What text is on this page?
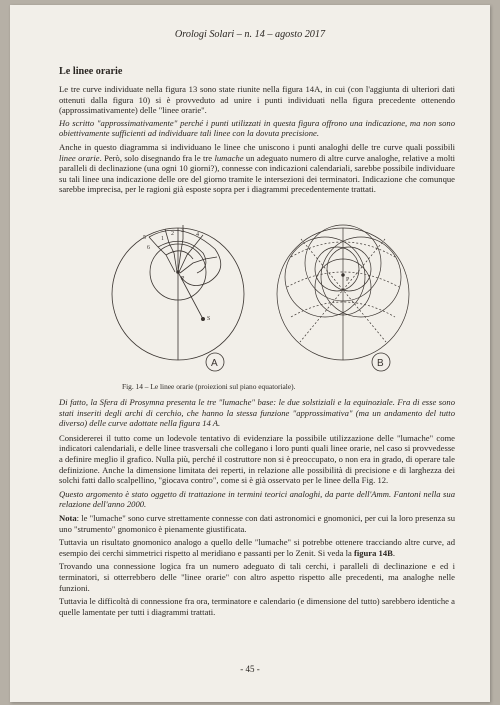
Orologi Solari – n. 14 – agosto 2017
Le linee orarie

Le tre curve individuate nella figura 13 sono state riunite nella figura 14A, in cui (con l'aggiunta di ulteriori dati ottenuti dalla figura 10) si è provveduto ad unire i punti individuati nella figura precedente ottenendo (approssimativamente) delle "linee orarie".

Ho scritto "approssimativamente" perché i punti utilizzati in questa figura offrono una indicazione, ma non sono obiettivamente sufficienti ad individuare tali linee con la dovuta precisione.

Anche in questo diagramma si individuano le linee che uniscono i punti analoghi delle tre curve quali possibili linee orarie. Però, solo disegnando fra le tre lumache un adeguato numero di altre curve analoghe, relative a molti paralleli di declinazione (una ogni 10 giorni?), connesse con indicazioni calendariali, sarebbe possibile individuare su tali linee una indicazione delle ore del giorno tramite le intersezioni dei terminatori. Indicazione che comunque sarebbe imprecisa, per le ragioni già esposte sopra per i diagrammi precedentemente trattati.

1
2 3
4
5
6
P
S
A
P
B
Fig. 14 – Le linee orarie (proiezioni sul piano equatoriale).

Di fatto, la Sfera di Prosymna presenta le tre "lumache" base: le due solstiziali e la equinoziale. Fra di esse sono stati inseriti degli archi di cerchio, che hanno la stessa funzione "approssimativa" (ma un andamento del tutto diverso) delle curve adottate nella figura 14 A.

Considererei il tutto come un lodevole tentativo di evidenziare la possibile utilizzazione delle "lumache" come indicatori calendariali, e delle linee trasversali che collegano i loro punti quali linee orarie, nel caso si provvedesse a definire meglio il grafico. Nulla più, perché il costruttore non si è preoccupato, o non era in grado, di operare tale definizione. Anche la dimensione limitata dei reperti, in relazione alle possibilità di precisione e di larghezza dei solchi fatti dallo scalpellino, "giocava contro", come si è già osservato per le linee della Fig. 12.

Questo argomento è stato oggetto di trattazione in termini teorici analoghi, da parte dell'Amm. Fantoni nella sua relazione dell'anno 2000.

Nota: le "lumache" sono curve strettamente connesse con dati astronomici e gnomonici, per cui la loro presenza su uno "strumento" gnomonico è pienamente giustificata.

Tuttavia un risultato gnomonico analogo a quello delle "lumache" si potrebbe ottenere tracciando altre curve, ad esempio dei cerchi simmetrici rispetto al meridiano e passanti per lo Zenit. Si veda la figura 14B.

Trovando una connessione logica fra un numero adeguato di tali cerchi, i paralleli di declinazione e ed i terminatori, si otterrebbero delle "linee orarie" con altro aspetto rispetto alle precedenti, ma analoghe nelle funzioni.

Tuttavia le difficoltà di connessione fra ora, terminatore e calendario (e dimensione del tutto) sarebbero identiche a quelle lamentate per tutti i diagrammi trattati.

- 45 -
